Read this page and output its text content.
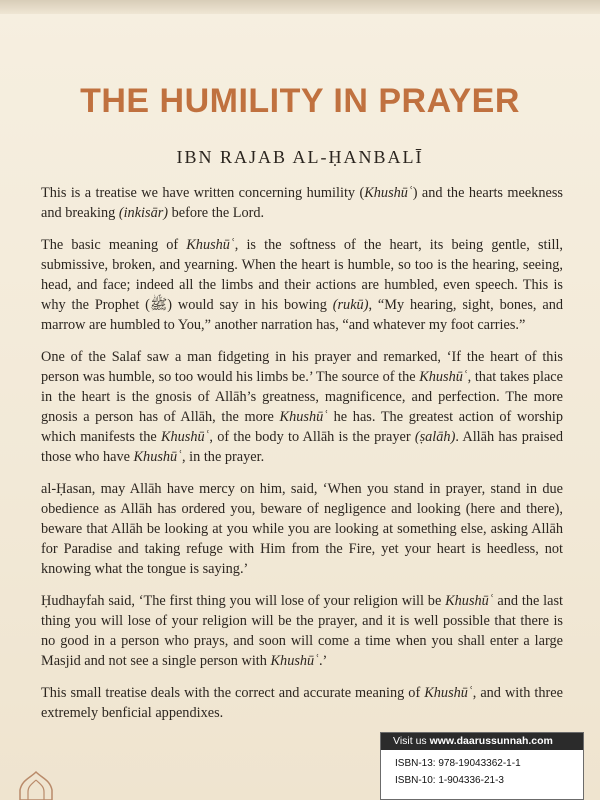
THE HUMILITY IN PRAYER
IBN RAJAB AL-ḤANBALĪ

This is a treatise we have written concerning humility (Khushūʿ) and the hearts meekness and breaking (inkisār) before the Lord.

The basic meaning of Khushūʿ, is the softness of the heart, its being gentle, still, submissive, broken, and yearning. When the heart is humble, so too is the hearing, seeing, head, and face; indeed all the limbs and their actions are humbled, even speech. This is why the Prophet (ﷺ) would say in his bowing (rukū), “My hearing, sight, bones, and marrow are humbled to You,” another narration has, “and whatever my foot carries.”

One of the Salaf saw a man fidgeting in his prayer and remarked, ‘If the heart of this person was humble, so too would his limbs be.’ The source of the Khushūʿ, that takes place in the heart is the gnosis of Allāh’s greatness, magnificence, and perfection. The more gnosis a person has of Allāh, the more Khushūʿ he has. The greatest action of worship which manifests the Khushūʿ, of the body to Allāh is the prayer (ṣalāh). Allāh has praised those who have Khushūʿ, in the prayer.

al-Ḥasan, may Allāh have mercy on him, said, ‘When you stand in prayer, stand in due obedience as Allāh has ordered you, beware of negligence and looking (here and there), beware that Allāh be looking at you while you are looking at something else, asking Allāh for Paradise and taking refuge with Him from the Fire, yet your heart is heedless, not knowing what the tongue is saying.’

Ḥudhayfah said, ‘The first thing you will lose of your religion will be Khushūʿ and the last thing you will lose of your religion will be the prayer, and it is well possible that there is no good in a person who prays, and soon will come a time when you shall enter a large Masjid and not see a single person with Khushūʿ.’

This small treatise deals with the correct and accurate meaning of Khushūʿ, and with three extremely benficial appendixes.

Visit us www.daarussunnah.com
ISBN-13: 978-19043362-1-1
ISBN-10: 1-904336-21-3
